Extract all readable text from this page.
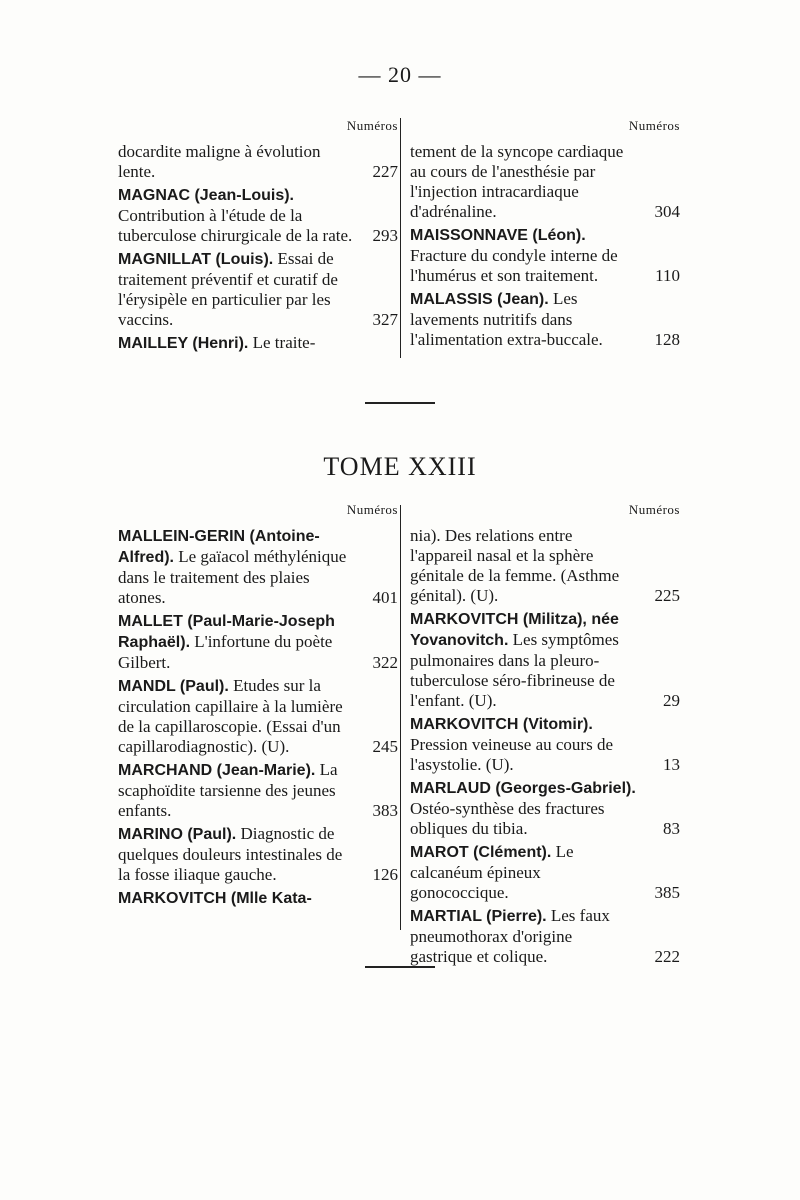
— 20 —
Numéros
docardite maligne à évolution lente.	227
MAGNAC (Jean-Louis). Contribution à l'étude de la tuberculose chirurgicale de la rate. 293
MAGNILLAT (Louis). Essai de traitement préventif et curatif de l'érysipèle en particulier par les vaccins.	327
MAILLEY (Henri). Le traite-
Numéros
tement de la syncope cardiaque au cours de l'anesthésie par l'injection intracardiaque d'adrénaline.	304
MAISSONNAVE (Léon). Fracture du condyle interne de l'humérus et son traitement.	110
MALASSIS (Jean). Les lavements nutritifs dans l'alimentation extra-buccale.	128
TOME XXIII
Numéros
MALLEIN-GERIN (Antoine-Alfred). Le gaïacol méthylénique dans le traitement des plaies atones.	401
MALLET (Paul-Marie-Joseph Raphaël). L'infortune du poète Gilbert.	322
MANDL (Paul). Etudes sur la circulation capillaire à la lumière de la capillaroscopie. (Essai d'un capillarodiagnostic). (U).	245
MARCHAND (Jean-Marie). La scaphoïdite tarsienne des jeunes enfants.	383
MARINO (Paul). Diagnostic de quelques douleurs intestinales de la fosse iliaque gauche.	126
MARKOVITCH (Mlle Kata-
Numéros
nia). Des relations entre l'appareil nasal et la sphère génitale de la femme. (Asthme génital). (U).	225
MARKOVITCH (Militza), née Yovanovitch. Les symptômes pulmonaires dans la pleuro-tuberculose séro-fibrineuse de l'enfant. (U).	29
MARKOVITCH (Vitomir). Pression veineuse au cours de l'asystolie. (U).	13
MARLAUD (Georges-Gabriel). Ostéo-synthèse des fractures obliques du tibia.	83
MAROT (Clément). Le calcanéum épineux gonococcique.	385
MARTIAL (Pierre). Les faux pneumothorax d'origine gastrique et colique.	222
